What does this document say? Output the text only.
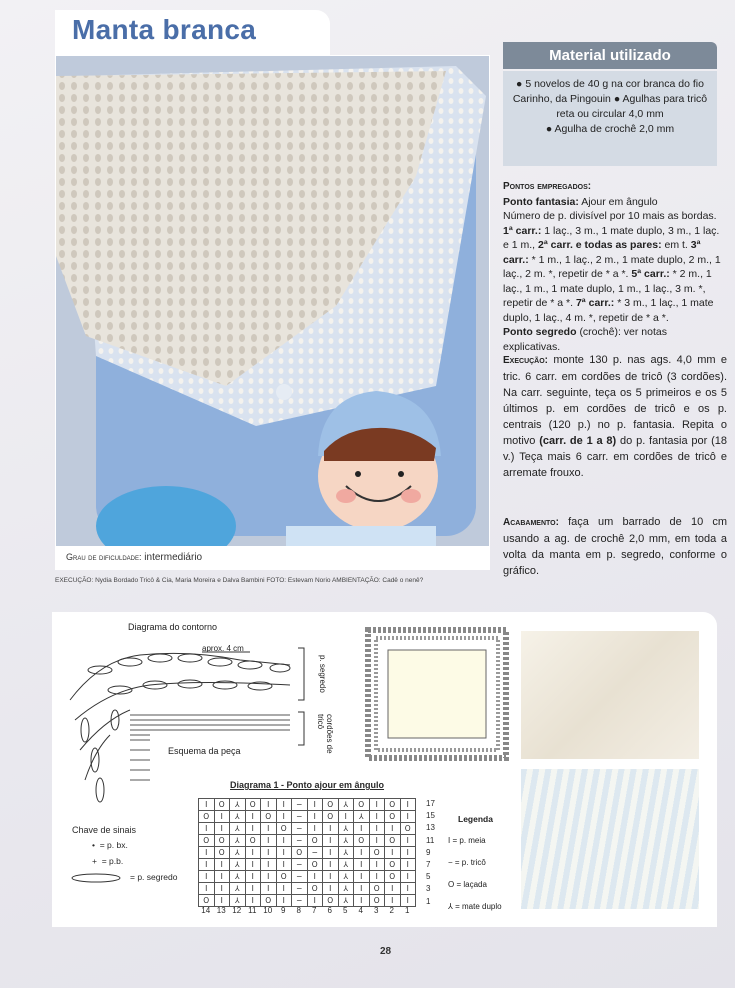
Manta branca
Grau de dificuldade: intermediário
EXECUÇÃO: Nydia Bordado Tricô & Cia, Maria Moreira e Dalva Bambini FOTO: Estevam Norio AMBIENTAÇÃO: Cadê o nenê?
Material utilizado
● 5 novelos de 40 g na cor branca do fio Carinho, da Pingouin ● Agulhas para tricô reta ou circular 4,0 mm
● Agulha de crochê 2,0 mm
Pontos empregados:
Ponto fantasia: Ajour em ângulo
Número de p. divisível por 10 mais as bordas.
1ª carr.: 1 laç., 3 m., 1 mate duplo, 3 m., 1 laç. e 1 m., 2ª carr. e todas as pares: em t. 3ª carr.: * 1 m., 1 laç., 2 m., 1 mate duplo, 2 m., 1 laç., 2 m. *, repetir de * a *. 5ª carr.: * 2 m., 1 laç., 1 m., 1 mate duplo, 1 m., 1 laç., 3 m. *, repetir de * a *. 7ª carr.: * 3 m., 1 laç., 1 mate duplo, 1 laç., 4 m. *, repetir de * a *.
Ponto segredo (crochê): ver notas explicativas.
Execução: monte 130 p. nas ags. 4,0 mm e tric. 6 carr. em cordões de tricô (3 cordões). Na carr. seguinte, teça os 5 primeiros e os 5 últimos p. em cordões de tricô e os p. centrais (120 p.) no p. fantasia. Repita o motivo (carr. de 1 a 8) do p. fantasia por (18 v.) Teça mais 6 carr. em cordões de tricô e arremate frouxo.
Acabamento: faça um barrado de 10 cm usando a ag. de crochê 2,0 mm, em toda a volta da manta em p. segredo, conforme o gráfico.
Diagrama do contorno
aprox. 4 cm
p. segredo
cordões de tricô
Esquema da peça
Chave de sinais
• = p. bx.
+ = p.b.
= p. segredo
Diagrama 1 - Ponto ajour em ângulo
I	O	⅄	O	I	I	−	I	O	⅄	O	I	O	I
O	I	⅄	I	O	I	−	I	O	I	⅄	I	O	I
I	I	⅄	I	I	O	−	I	I	⅄	I	I	I	O
O	O	⅄	O	I	I	−	O	I	⅄	O	I	O	I
I	O	⅄	I	I	I	O	−	I	⅄	I	O	I	I
I	I	⅄	I	I	I	−	O	I	⅄	I	I	O	I
I	I	⅄	I	I	O	−	I	I	⅄	I	I	O	I
I	I	⅄	I	I	I	−	O	I	⅄	I	O	I	I
O	I	⅄	I	O	I	−	I	O	⅄	I	O	I	I
17
15
13
11
9
7
5
3
1
14 13 12 11 10	9	8	7	6	5	4	3	2	1
Legenda
I = p. meia
− = p. tricô
O = laçada
⅄ = mate duplo
28
